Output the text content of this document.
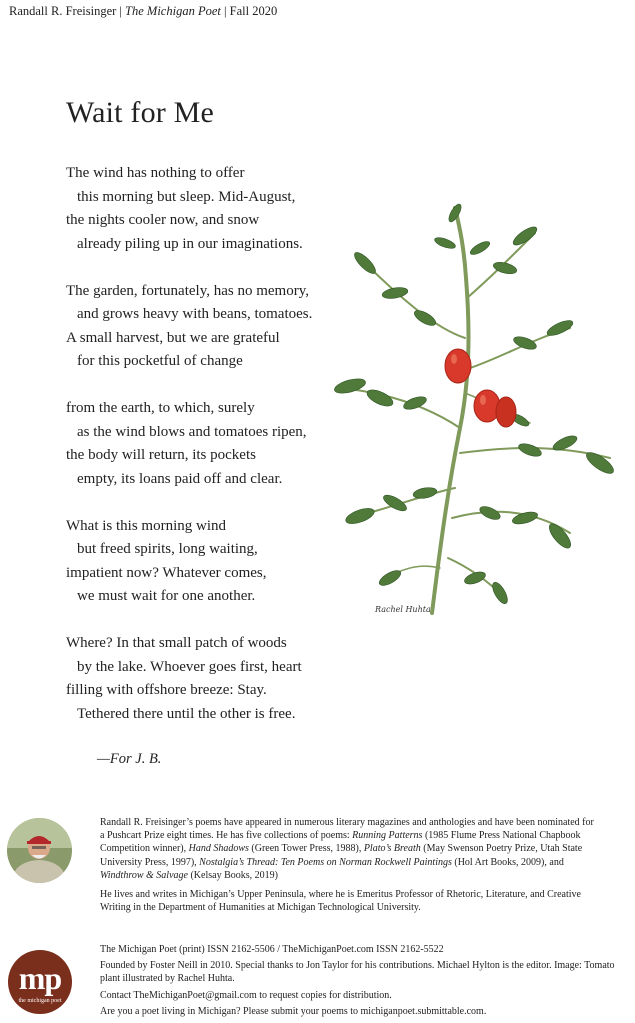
Randall R. Freisinger | The Michigan Poet | Fall 2020
Wait for Me
The wind has nothing to offer
this morning but sleep. Mid-August,
the nights cooler now, and snow
already piling up in our imaginations.
The garden, fortunately, has no memory,
and grows heavy with beans, tomatoes.
A small harvest, but we are grateful
for this pocketful of change
from the earth, to which, surely
as the wind blows and tomatoes ripen,
the body will return, its pockets
empty, its loans paid off and clear.
What is this morning wind
but freed spirits, long waiting,
impatient now? Whatever comes,
we must wait for one another.
Where? In that small patch of woods
by the lake. Whoever goes first, heart
filling with offshore breeze: Stay.
Tethered there until the other is free.
—For J. B.
Rachel Huhta

Randall R. Freisinger’s poems have appeared in numerous literary magazines and anthologies and have been nominated for a Pushcart Prize eight times. He has five collections of poems: Running Patterns (1985 Flume Press National Chapbook Competition winner), Hand Shadows (Green Tower Press, 1988), Plato’s Breath (May Swenson Poetry Prize, Utah State University Press, 1997), Nostalgia’s Thread: Ten Poems on Norman Rockwell Paintings (Hol Art Books, 2009), and Windthrow & Salvage (Kelsay Books, 2019)

He lives and writes in Michigan’s Upper Peninsula, where he is Emeritus Professor of Rhetoric, Literature, and Creative Writing in the Department of Humanities at Michigan Technological University.

mp
the michigan poet

The Michigan Poet (print) ISSN 2162-5506 / TheMichiganPoet.com ISSN 2162-5522

Founded by Foster Neill in 2010. Special thanks to Jon Taylor for his contributions. Michael Hylton is the editor. Image: Tomato plant illustrated by Rachel Huhta.

Contact TheMichiganPoet@gmail.com to request copies for distribution.

Are you a poet living in Michigan? Please submit your poems to michiganpoet.submittable.com.
